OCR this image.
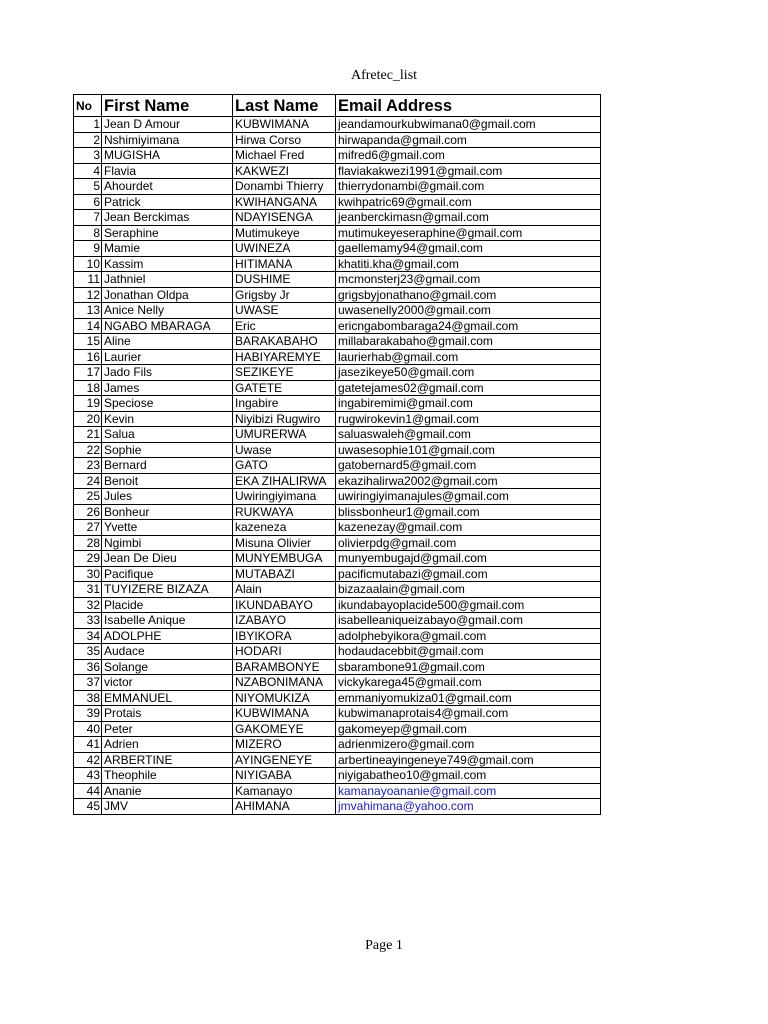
Afretec_list
No	First Name	Last Name	Email Address
1	Jean D Amour	KUBWIMANA	jeandamourkubwimana0@gmail.com
2	Nshimiyimana	Hirwa Corso	hirwapanda@gmail.com
3	MUGISHA	Michael Fred	mifred6@gmail.com
4	Flavia	KAKWEZI	flaviakakwezi1991@gmail.com
5	Ahourdet	Donambi Thierry	thierrydonambi@gmail.com
6	Patrick	KWIHANGANA	kwihpatric69@gmail.com
7	Jean Berckimas	NDAYISENGA	jeanberckimasn@gmail.com
8	Seraphine	Mutimukeye	mutimukeyeseraphine@gmail.com
9	Mamie	UWINEZA	gaellemamy94@gmail.com
10	Kassim	HITIMANA	khatiti.kha@gmail.com
11	Jathniel	DUSHIME	mcmonsterj23@gmail.com
12	Jonathan Oldpa	Grigsby Jr	grigsbyjonathano@gmail.com
13	Anice Nelly	UWASE	uwasenelly2000@gmail.com
14	NGABO MBARAGA	Eric	ericngabombaraga24@gmail.com
15	Aline	BARAKABAHO	millabarakabaho@gmail.com
16	Laurier	HABIYAREMYE	laurierhab@gmail.com
17	Jado Fils	SEZIKEYE	jasezikeye50@gmail.com
18	James	GATETE	gatetejames02@gmail.com
19	Speciose	Ingabire	ingabiremimi@gmail.com
20	Kevin	Niyibizi Rugwiro	rugwirokevin1@gmail.com
21	Salua	UMURERWA	saluaswaleh@gmail.com
22	Sophie	Uwase	uwasesophie101@gmail.com
23	Bernard	GATO	gatobernard5@gmail.com
24	Benoit	EKA ZIHALIRWA	ekazihalirwa2002@gmail.com
25	Jules	Uwiringiyimana	uwiringiyimanajules@gmail.com
26	Bonheur	RUKWAYA	blissbonheur1@gmail.com
27	Yvette	kazeneza	kazenezay@gmail.com
28	Ngimbi	Misuna Olivier	olivierpdg@gmail.com
29	Jean De Dieu	MUNYEMBUGA	munyembugajd@gmail.com
30	Pacifique	MUTABAZI	pacificmutabazi@gmail.com
31	TUYIZERE BIZAZA	Alain	bizazaalain@gmail.com
32	Placide	IKUNDABAYO	ikundabayoplacide500@gmail.com
33	Isabelle Anique	IZABAYO	isabelleaniqueizabayo@gmail.com
34	ADOLPHE	IBYIKORA	adolphebyikora@gmail.com
35	Audace	HODARI	hodaudacebbit@gmail.com
36	Solange	BARAMBONYE	sbarambone91@gmail.com
37	victor	NZABONIMANA	vickykarega45@gmail.com
38	EMMANUEL	NIYOMUKIZA	emmaniyomukiza01@gmail.com
39	Protais	KUBWIMANA	kubwimanaprotais4@gmail.com
40	Peter	GAKOMEYE	gakomeyep@gmail.com
41	Adrien	MIZERO	adrienmizero@gmail.com
42	ARBERTINE	AYINGENEYE	arbertineayingeneye749@gmail.com
43	Theophile	NIYIGABA	niyigabatheo10@gmail.com
44	Ananie	Kamanayo	kamanayoananie@gmail.com
45	JMV	AHIMANA	jmvahimana@yahoo.com
Page 1
